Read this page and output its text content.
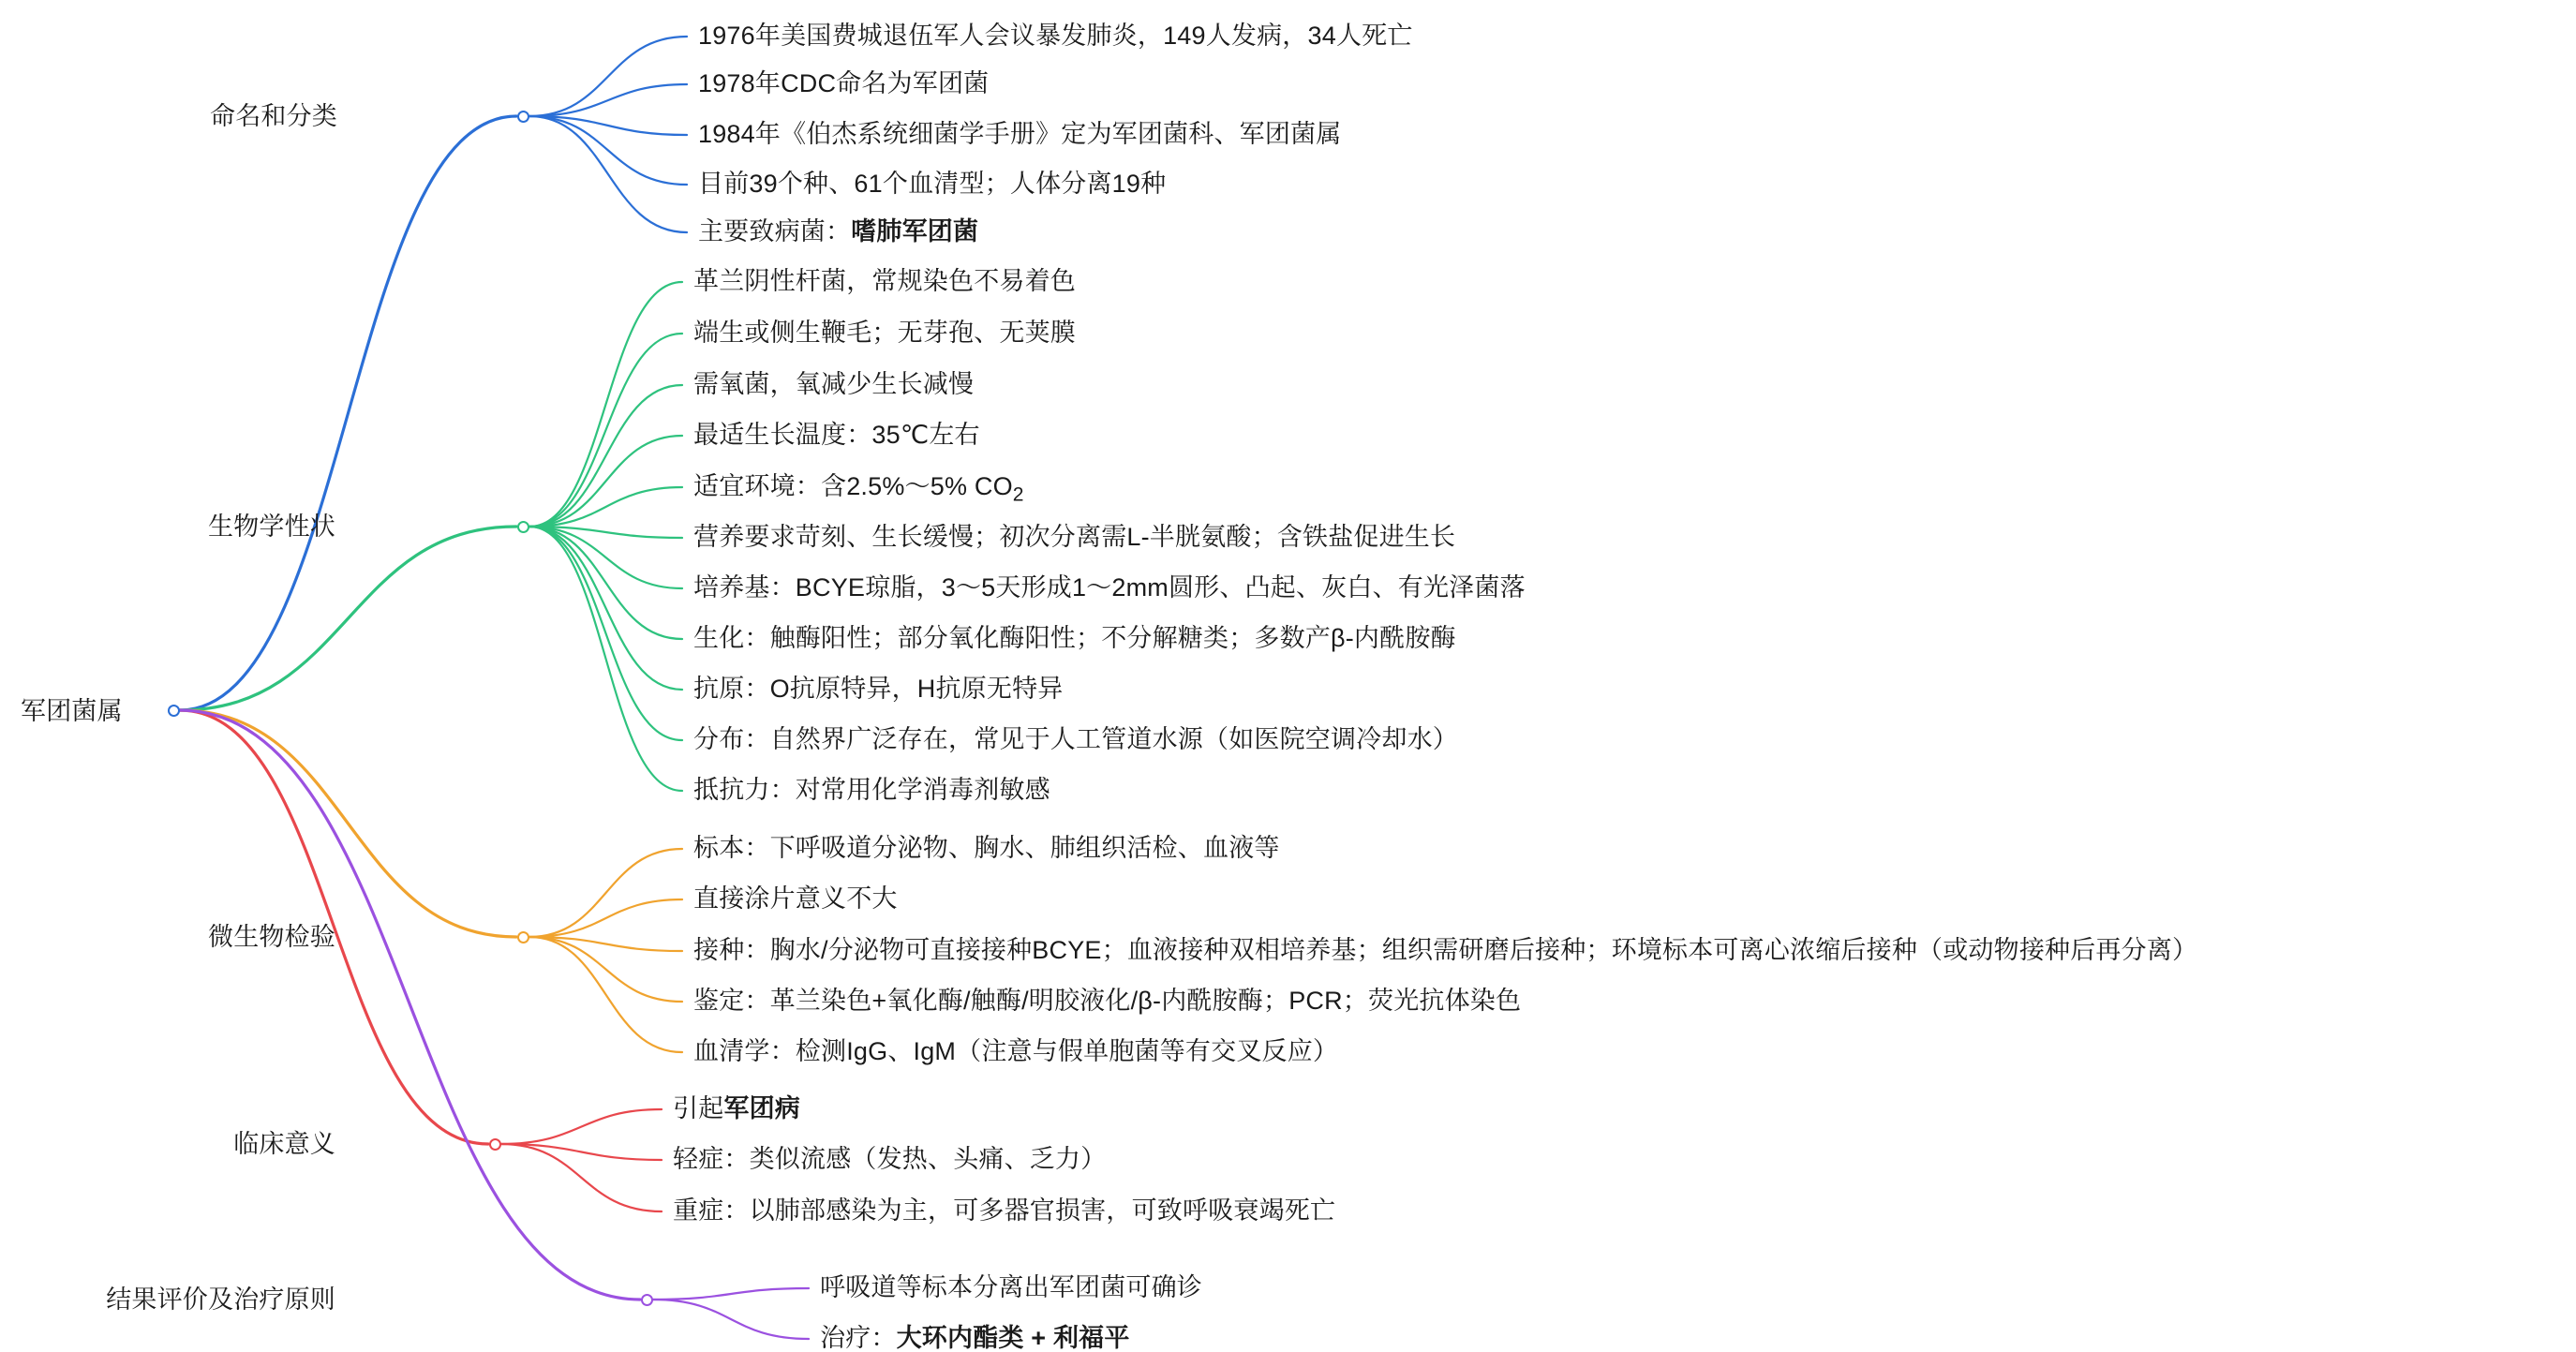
军团菌属
命名和分类
1976年美国费城退伍军人会议暴发肺炎，149人发病，34人死亡
1978年CDC命名为军团菌
1984年《伯杰系统细菌学手册》定为军团菌科、军团菌属
目前39个种、61个血清型；人体分离19种
主要致病菌：嗜肺军团菌
生物学性状
革兰阴性杆菌，常规染色不易着色
端生或侧生鞭毛；无芽孢、无荚膜
需氧菌，氧减少生长减慢
最适生长温度：35℃左右
适宜环境：含2.5%～5% $CO_2$
营养要求苛刻、生长缓慢；初次分离需L-半胱氨酸；含铁盐促进生长
培养基：BCYE琼脂，3～5天形成1～2mm圆形、凸起、灰白、有光泽菌落
生化：触酶阳性；部分氧化酶阳性；不分解糖类；多数产β-内酰胺酶
抗原：O抗原特异，H抗原无特异
分布：自然界广泛存在，常见于人工管道水源（如医院空调冷却水）
抵抗力：对常用化学消毒剂敏感
微生物检验
标本：下呼吸道分泌物、胸水、肺组织活检、血液等
直接涂片意义不大
接种：胸水/分泌物可直接接种BCYE；血液接种双相培养基；组织需研磨后接种；环境标本可离心浓缩后接种（或动物接种后再分离）
鉴定：革兰染色+氧化酶/触酶/明胶液化/β-内酰胺酶；PCR；荧光抗体染色
血清学：检测IgG、IgM（注意与假单胞菌等有交叉反应）
临床意义
引起军团病
轻症：类似流感（发热、头痛、乏力）
重症：以肺部感染为主，可多器官损害，可致呼吸衰竭死亡
结果评价及治疗原则	呼吸道等标本分离出军团菌可确诊
治疗：大环内酯类 + 利福平
